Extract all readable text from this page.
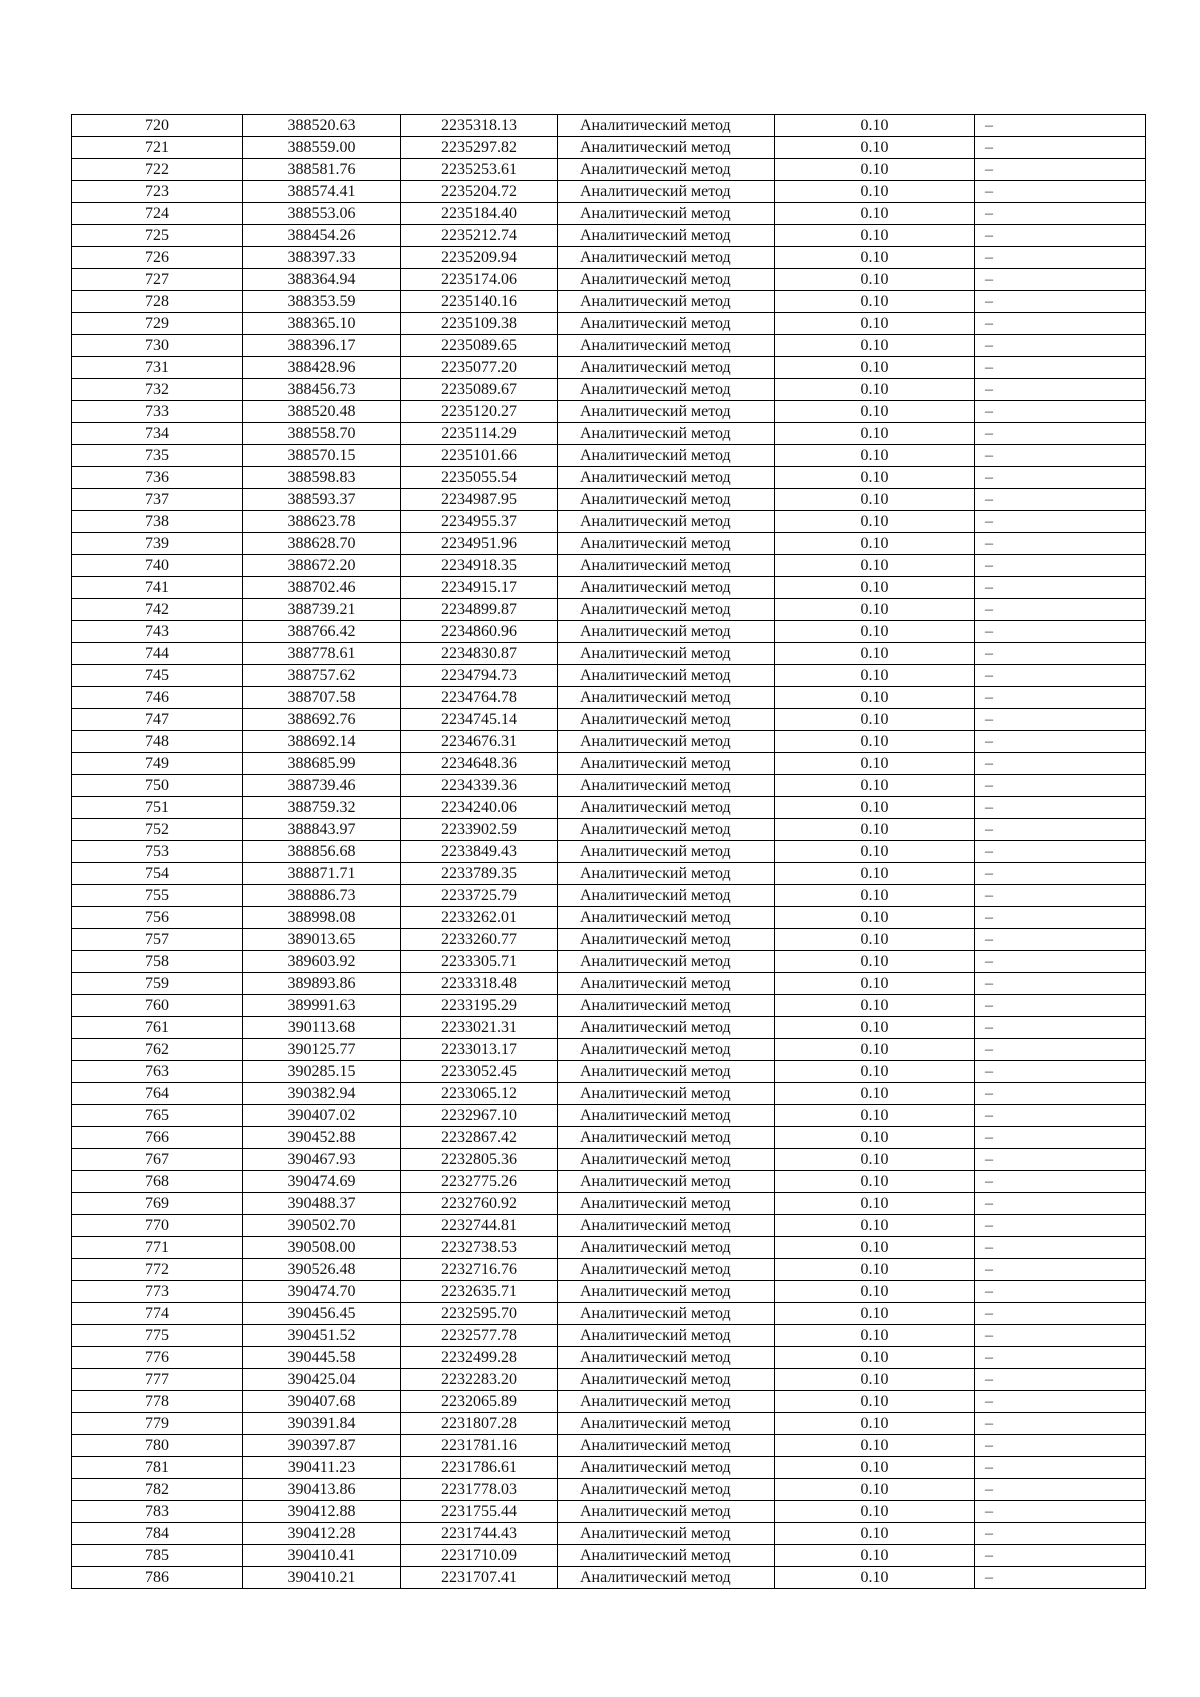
720	388520.63	2235318.13	Аналитический метод	0.10	–
721	388559.00	2235297.82	Аналитический метод	0.10	–
722	388581.76	2235253.61	Аналитический метод	0.10	–
723	388574.41	2235204.72	Аналитический метод	0.10	–
724	388553.06	2235184.40	Аналитический метод	0.10	–
725	388454.26	2235212.74	Аналитический метод	0.10	–
726	388397.33	2235209.94	Аналитический метод	0.10	–
727	388364.94	2235174.06	Аналитический метод	0.10	–
728	388353.59	2235140.16	Аналитический метод	0.10	–
729	388365.10	2235109.38	Аналитический метод	0.10	–
730	388396.17	2235089.65	Аналитический метод	0.10	–
731	388428.96	2235077.20	Аналитический метод	0.10	–
732	388456.73	2235089.67	Аналитический метод	0.10	–
733	388520.48	2235120.27	Аналитический метод	0.10	–
734	388558.70	2235114.29	Аналитический метод	0.10	–
735	388570.15	2235101.66	Аналитический метод	0.10	–
736	388598.83	2235055.54	Аналитический метод	0.10	–
737	388593.37	2234987.95	Аналитический метод	0.10	–
738	388623.78	2234955.37	Аналитический метод	0.10	–
739	388628.70	2234951.96	Аналитический метод	0.10	–
740	388672.20	2234918.35	Аналитический метод	0.10	–
741	388702.46	2234915.17	Аналитический метод	0.10	–
742	388739.21	2234899.87	Аналитический метод	0.10	–
743	388766.42	2234860.96	Аналитический метод	0.10	–
744	388778.61	2234830.87	Аналитический метод	0.10	–
745	388757.62	2234794.73	Аналитический метод	0.10	–
746	388707.58	2234764.78	Аналитический метод	0.10	–
747	388692.76	2234745.14	Аналитический метод	0.10	–
748	388692.14	2234676.31	Аналитический метод	0.10	–
749	388685.99	2234648.36	Аналитический метод	0.10	–
750	388739.46	2234339.36	Аналитический метод	0.10	–
751	388759.32	2234240.06	Аналитический метод	0.10	–
752	388843.97	2233902.59	Аналитический метод	0.10	–
753	388856.68	2233849.43	Аналитический метод	0.10	–
754	388871.71	2233789.35	Аналитический метод	0.10	–
755	388886.73	2233725.79	Аналитический метод	0.10	–
756	388998.08	2233262.01	Аналитический метод	0.10	–
757	389013.65	2233260.77	Аналитический метод	0.10	–
758	389603.92	2233305.71	Аналитический метод	0.10	–
759	389893.86	2233318.48	Аналитический метод	0.10	–
760	389991.63	2233195.29	Аналитический метод	0.10	–
761	390113.68	2233021.31	Аналитический метод	0.10	–
762	390125.77	2233013.17	Аналитический метод	0.10	–
763	390285.15	2233052.45	Аналитический метод	0.10	–
764	390382.94	2233065.12	Аналитический метод	0.10	–
765	390407.02	2232967.10	Аналитический метод	0.10	–
766	390452.88	2232867.42	Аналитический метод	0.10	–
767	390467.93	2232805.36	Аналитический метод	0.10	–
768	390474.69	2232775.26	Аналитический метод	0.10	–
769	390488.37	2232760.92	Аналитический метод	0.10	–
770	390502.70	2232744.81	Аналитический метод	0.10	–
771	390508.00	2232738.53	Аналитический метод	0.10	–
772	390526.48	2232716.76	Аналитический метод	0.10	–
773	390474.70	2232635.71	Аналитический метод	0.10	–
774	390456.45	2232595.70	Аналитический метод	0.10	–
775	390451.52	2232577.78	Аналитический метод	0.10	–
776	390445.58	2232499.28	Аналитический метод	0.10	–
777	390425.04	2232283.20	Аналитический метод	0.10	–
778	390407.68	2232065.89	Аналитический метод	0.10	–
779	390391.84	2231807.28	Аналитический метод	0.10	–
780	390397.87	2231781.16	Аналитический метод	0.10	–
781	390411.23	2231786.61	Аналитический метод	0.10	–
782	390413.86	2231778.03	Аналитический метод	0.10	–
783	390412.88	2231755.44	Аналитический метод	0.10	–
784	390412.28	2231744.43	Аналитический метод	0.10	–
785	390410.41	2231710.09	Аналитический метод	0.10	–
786	390410.21	2231707.41	Аналитический метод	0.10	–
